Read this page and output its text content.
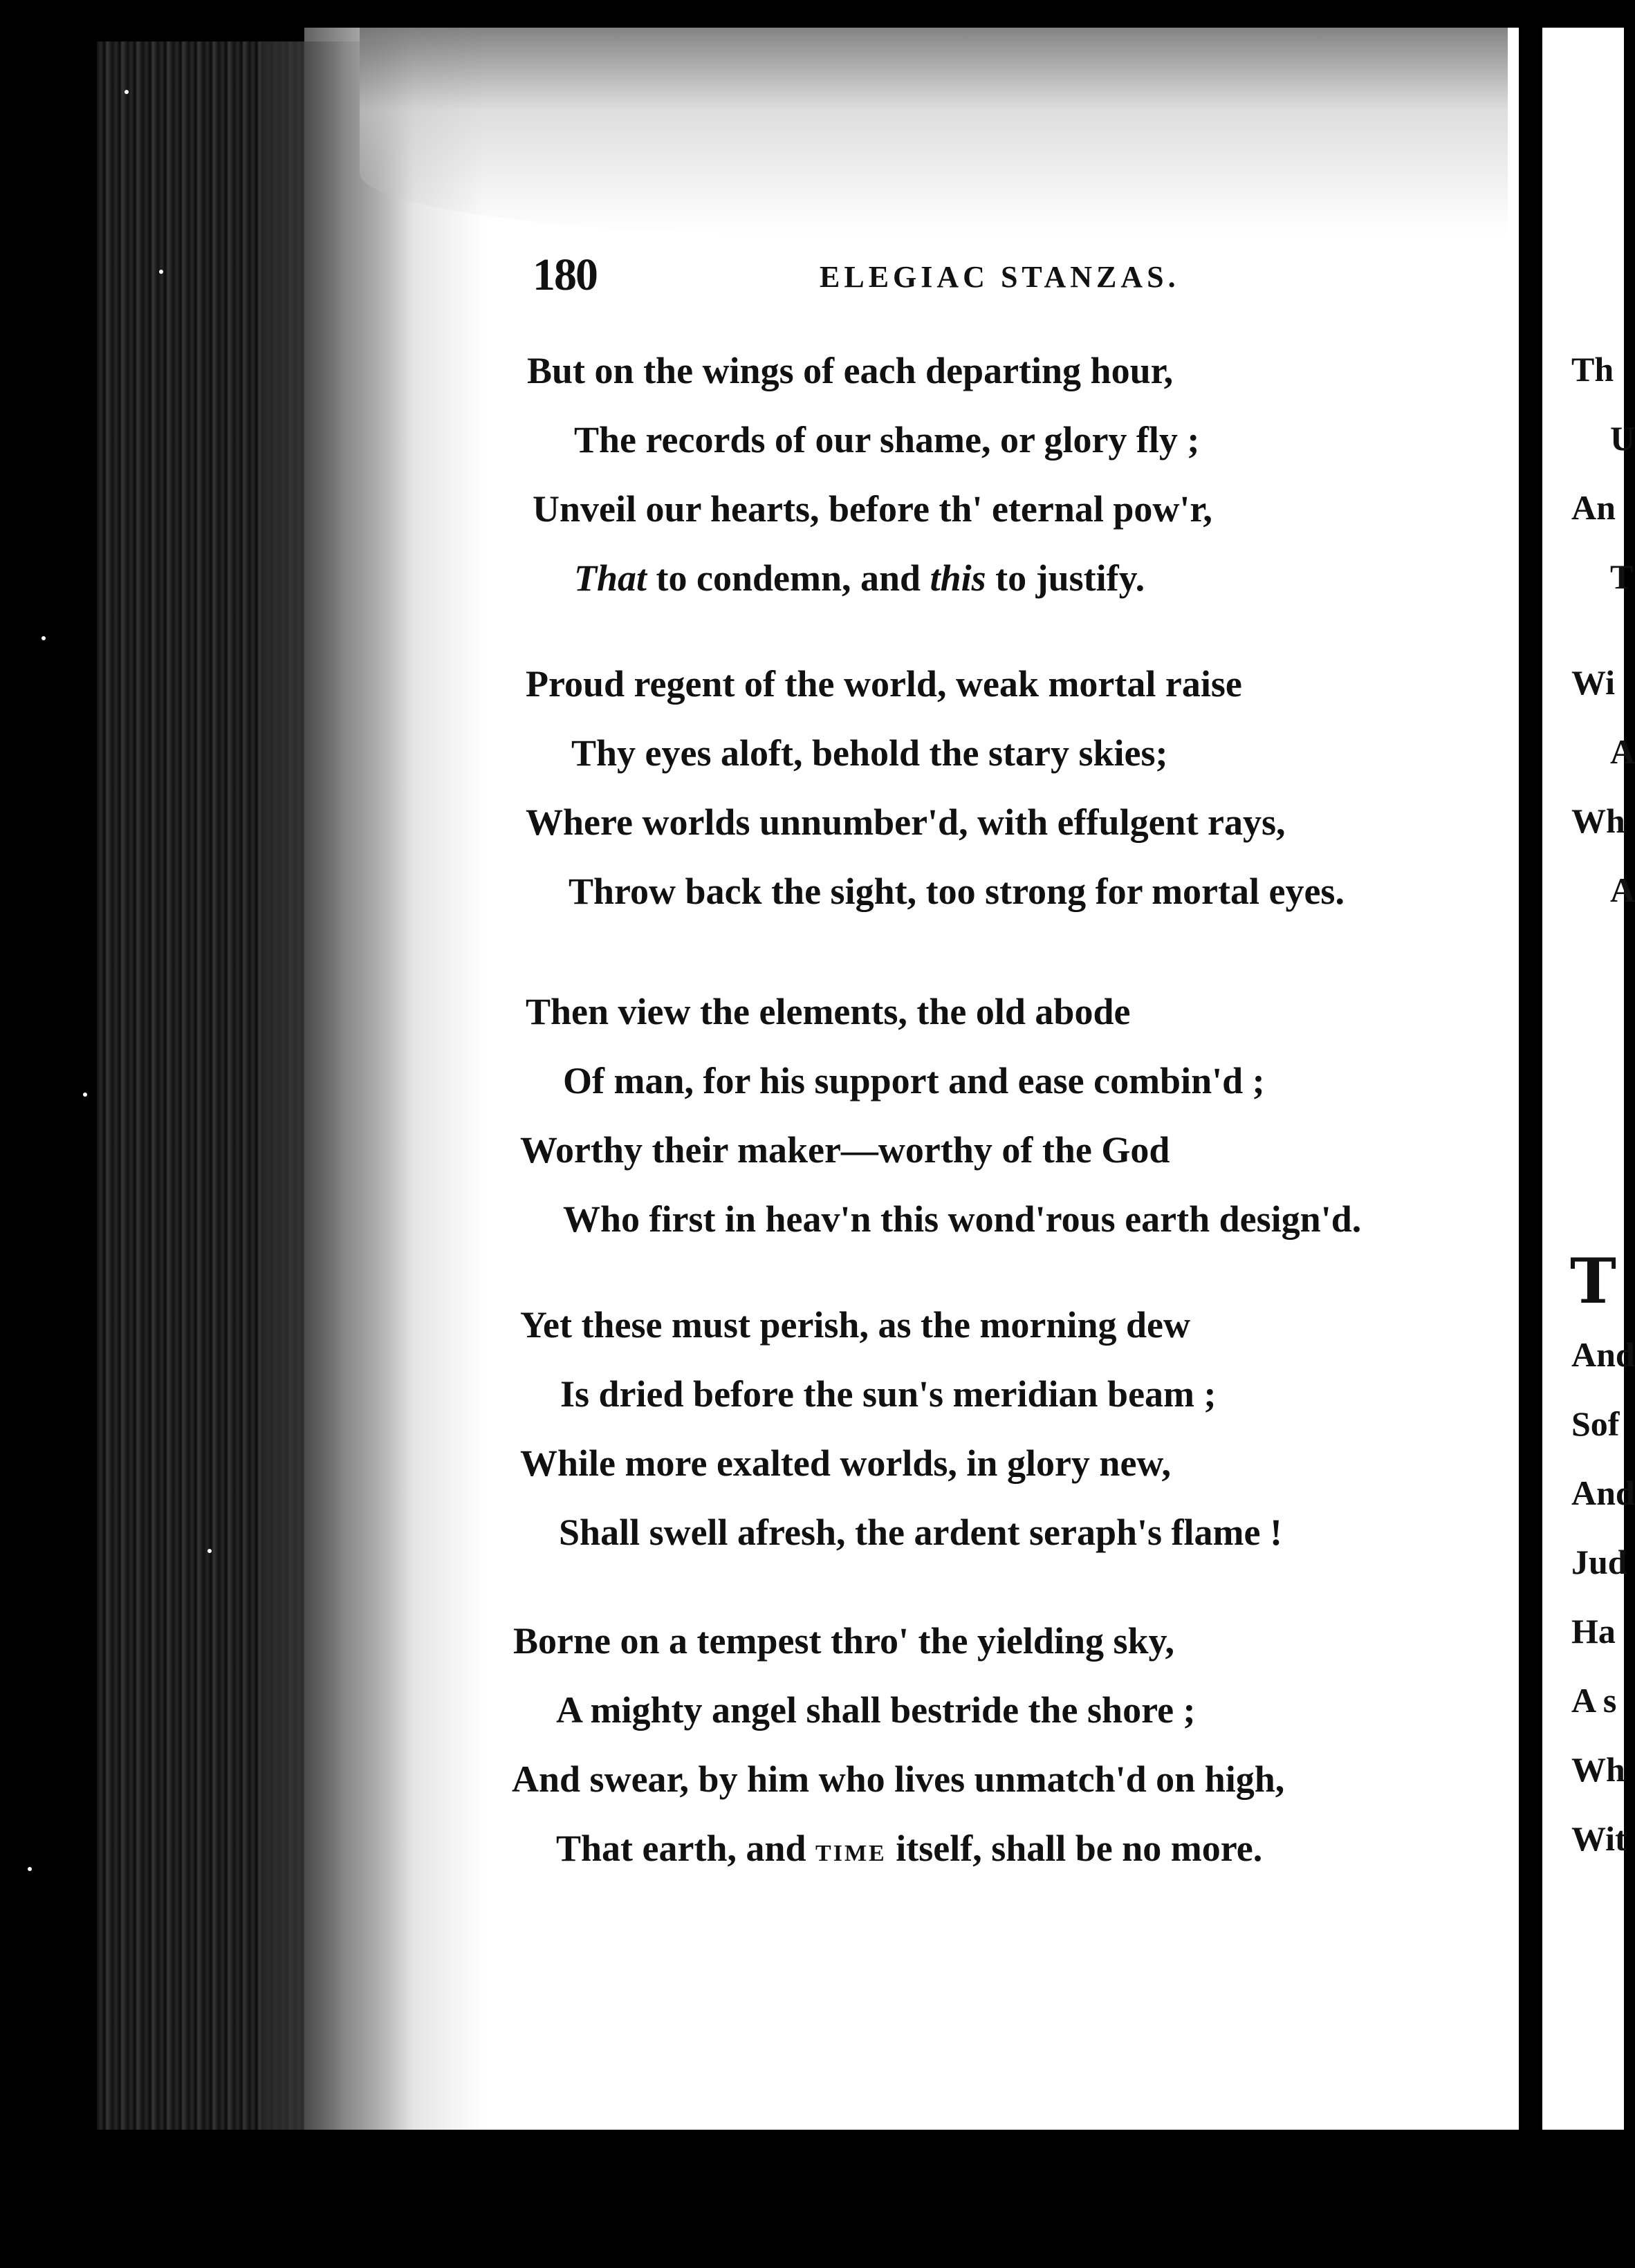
180	ELEGIAC STANZAS.
But on the wings of each departing hour,
The records of our shame, or glory fly ;
Unveil our hearts, before th' eternal pow'r,
That to condemn, and this to justify.
Proud regent of the world, weak mortal raise
Thy eyes aloft, behold the stary skies;
Where worlds unnumber'd, with effulgent rays,
Throw back the sight, too strong for mortal eyes.
Then view the elements, the old abode
Of man, for his support and ease combin'd ;
Worthy their maker—worthy of the God
Who first in heav'n this wond'rous earth design'd.
Yet these must perish, as the morning dew
Is dried before the sun's meridian beam ;
While more exalted worlds, in glory new,
Shall swell afresh, the ardent seraph's flame !
Borne on a tempest thro' the yielding sky,
A mighty angel shall bestride the shore ;
And swear, by him who lives unmatch'd on high,
That earth, and TIME itself, shall be no more.
Th
U
An
T
Wi
A
Wh
A
T
And
Sof
And
Jud
Ha
A s
Wh
Wit
